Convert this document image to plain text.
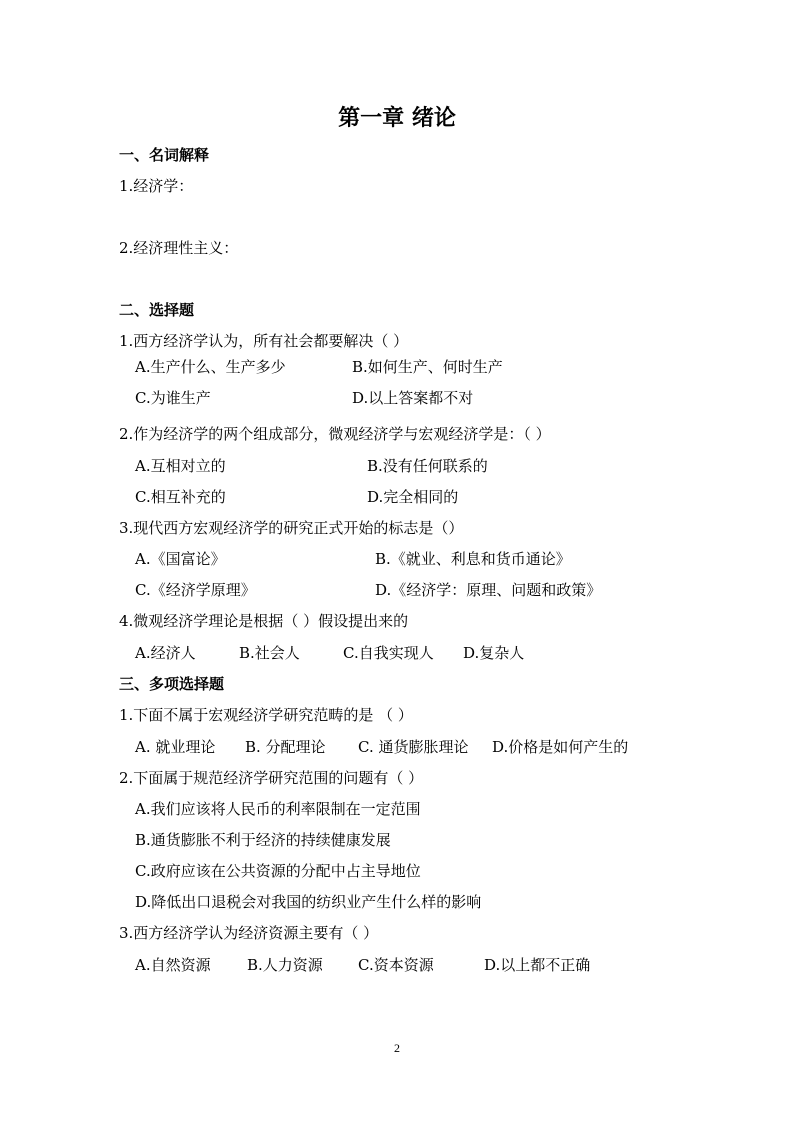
第一章 绪论
一、名词解释
1.经济学：
2.经济理性主义：
二、选择题
1.西方经济学认为，所有社会都要解决（ ）
A.生产什么、生产多少	B.如何生产、何时生产
C.为谁生产	D.以上答案都不对
2.作为经济学的两个组成部分，微观经济学与宏观经济学是：（ ）
A.互相对立的	B.没有任何联系的
C.相互补充的	D.完全相同的
3.现代西方宏观经济学的研究正式开始的标志是（）
A.《国富论》	B.《就业、利息和货币通论》
C.《经济学原理》	D.《经济学：原理、问题和政策》
4.微观经济学理论是根据（ ）假设提出来的
A.经济人	B.社会人	C.自我实现人 D.复杂人
三、多项选择题
1.下面不属于宏观经济学研究范畴的是 （ ）
A. 就业理论 B. 分配理论 C. 通货膨胀理论 D.价格是如何产生的
2.下面属于规范经济学研究范围的问题有（ ）
A.我们应该将人民币的利率限制在一定范围
B.通货膨胀不利于经济的持续健康发展
C.政府应该在公共资源的分配中占主导地位
D.降低出口退税会对我国的纺织业产生什么样的影响
3.西方经济学认为经济资源主要有（ ）
A.自然资源 B.人力资源 C.资本资源	D.以上都不正确
2
